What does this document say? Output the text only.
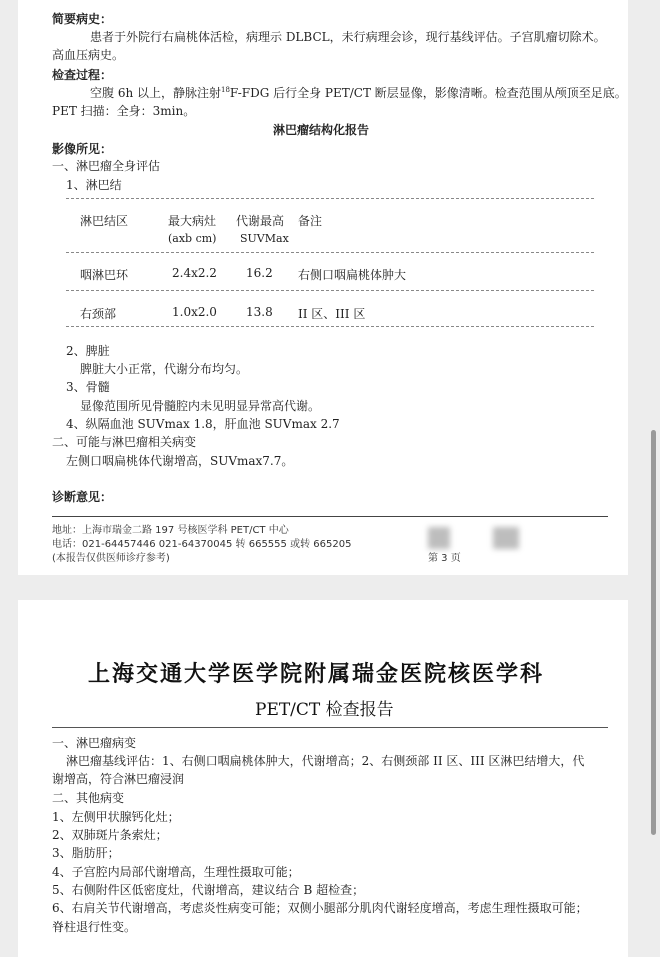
简要病史：
患者于外院行右扁桃体活检，病理示 DLBCL，未行病理会诊，现行基线评估。子宫肌瘤切除术。
高血压病史。
检查过程：
空腹 6h 以上，静脉注射$^{18}$F-FDG 后行全身 PET/CT 断层显像，影像清晰。检查范围从颅顶至足底。
PET 扫描：全身：3min。
淋巴瘤结构化报告
影像所见：
一、淋巴瘤全身评估
1、淋巴结
淋巴结区	最大病灶 代谢最高 备注
(axb cm) SUVMax
咽淋巴环	2.4x2.2 16.2 右侧口咽扁桃体肿大
右颈部	1.0x2.0 13.8 II 区、III 区
2、脾脏
脾脏大小正常，代谢分布均匀。
3、骨髓
显像范围所见骨髓腔内未见明显异常高代谢。
4、纵隔血池 SUVmax 1.8，肝血池 SUVmax 2.7
二、可能与淋巴瘤相关病变
左侧口咽扁桃体代谢增高，SUVmax7.7。
诊断意见：
地址：上海市瑞金二路 197 号核医学科 PET/CT 中心
电话：021-64457446 021-64370045 转 665555 或转 665205
(本报告仅供医师诊疗参考)	第 3 页
上海交通大学医学院附属瑞金医院核医学科
PET/CT 检查报告
一、淋巴瘤病变
淋巴瘤基线评估：1、右侧口咽扁桃体肿大，代谢增高；2、右侧颈部 II 区、III 区淋巴结增大，代
谢增高，符合淋巴瘤浸润
二、其他病变
1、左侧甲状腺钙化灶；
2、双肺斑片条索灶；
3、脂肪肝；
4、子宫腔内局部代谢增高，生理性摄取可能；
5、右侧附件区低密度灶，代谢增高，建议结合 B 超检查；
6、右肩关节代谢增高，考虑炎性病变可能；双侧小腿部分肌肉代谢轻度增高，考虑生理性摄取可能；
脊柱退行性变。
